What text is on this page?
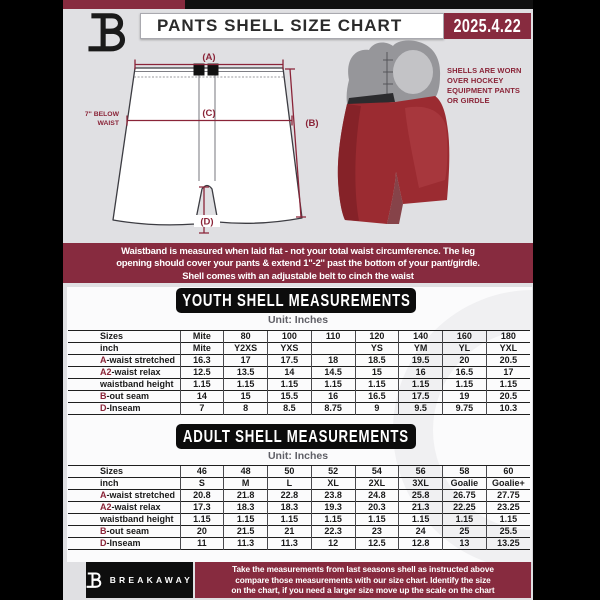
PANTS SHELL SIZE CHART	2025.4.22
(A)
(C)
(B)
(D)
7" BELOW
WAIST
SHELLS ARE WORN
OVER HOCKEY
EQUIPMENT PANTS
OR GIRDLE
Waistband is measured when laid flat - not your total waist circumference. The leg
opening should cover your pants & extend 1''-2'' past the bottom of your pant/girdle.
Shell comes with an adjustable belt to cinch the waist
YOUTH SHELL MEASUREMENTS
Unit: Inches
Sizes	Mite	80	100	110	120	140	160	180
inch	Mite	Y2XS	YXS		YS	YM	YL	YXL
A-waist stretched	16.3	17	17.5	18	18.5	19.5	20	20.5
A2-waist relax	12.5	13.5	14	14.5	15	16	16.5	17
waistband height	1.15	1.15	1.15	1.15	1.15	1.15	1.15	1.15
B-out seam	14	15	15.5	16	16.5	17.5	19	20.5
D-Inseam	7	8	8.5	8.75	9	9.5	9.75	10.3
ADULT SHELL MEASUREMENTS
Unit: Inches
Sizes	46	48	50	52	54	56	58	60
inch	S	M	L	XL	2XL	3XL	Goalie	Goalie+
A-waist stretched	20.8	21.8	22.8	23.8	24.8	25.8	26.75	27.75
A2-waist relax	17.3	18.3	18.3	19.3	20.3	21.3	22.25	23.25
waistband height	1.15	1.15	1.15	1.15	1.15	1.15	1.15	1.15
B-out seam	20	21.5	21	22.3	23	24	25	25.5
D-Inseam	11	11.3	11.3	12	12.5	12.8	13	13.25
BREAKAWAY
Take the measurements from last seasons shell as instructed above
compare those measurements with our size chart. Identify the size
on the chart, if you need a larger size move up the scale on the chart
